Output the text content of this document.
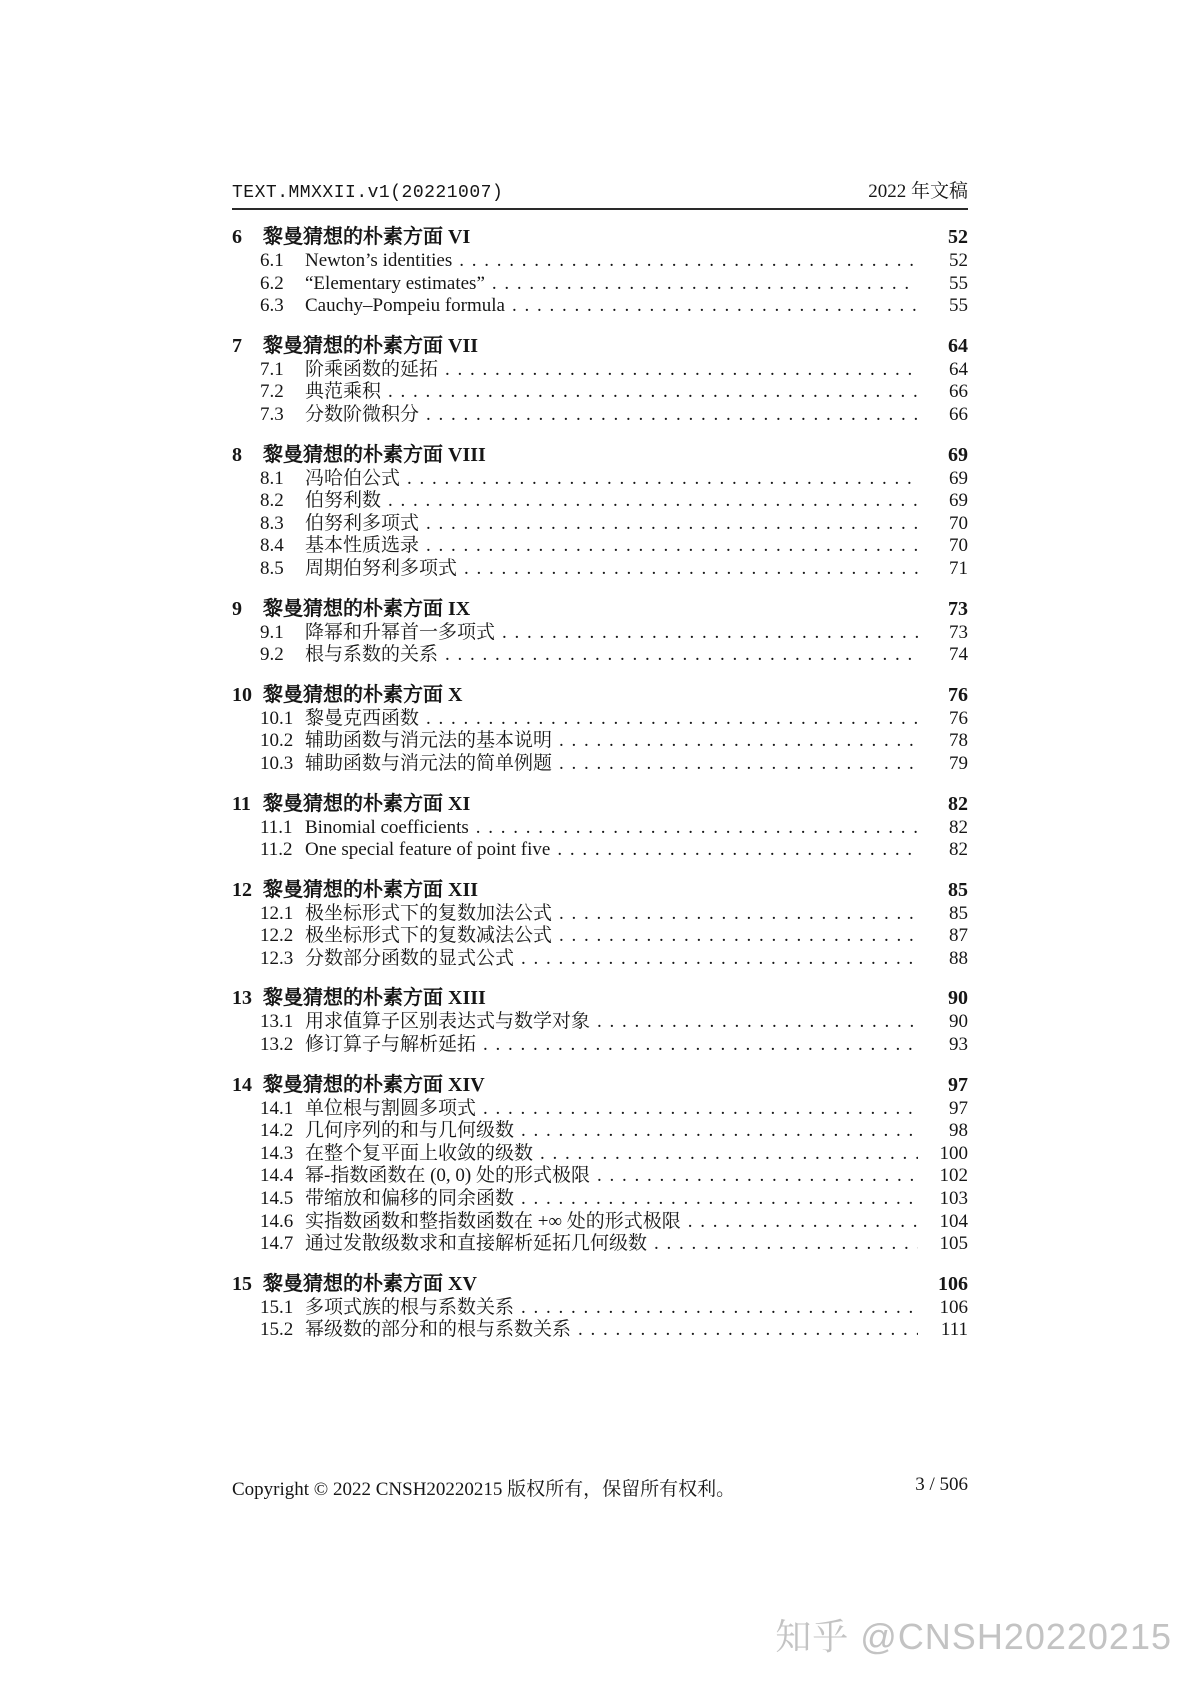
TEXT.MMXXII.v1(20221007)	2022 年文稿
6	黎曼猜想的朴素方面 VI	52
6.1	Newton’s identities . . .	52
6.2	“Elementary estimates” . . .	55
6.3	Cauchy–Pompeiu formula . . .	55
7	黎曼猜想的朴素方面 VII	64
7.1	阶乘函数的延拓 . . .	64
7.2	典范乘积 . . .	66
7.3	分数阶微积分 . . .	66
8	黎曼猜想的朴素方面 VIII	69
8.1	冯哈伯公式 . . .	69
8.2	伯努利数 . . .	69
8.3	伯努利多项式 . . .	70
8.4	基本性质选录 . . .	70
8.5	周期伯努利多项式 . . .	71
9	黎曼猜想的朴素方面 IX	73
9.1	降幂和升幂首一多项式 . . .	73
9.2	根与系数的关系 . . .	74
10 黎曼猜想的朴素方面 X	76
10.1 黎曼克西函数 . . .	76
10.2 辅助函数与消元法的基本说明 . . .	78
10.3 辅助函数与消元法的简单例题 . . .	79
11 黎曼猜想的朴素方面 XI	82
11.1 Binomial coefficients . . .	82
11.2 One special feature of point five . . .	82
12 黎曼猜想的朴素方面 XII	85
12.1 极坐标形式下的复数加法公式 . . .	85
12.2 极坐标形式下的复数减法公式 . . .	87
12.3 分数部分函数的显式公式 . . .	88
13 黎曼猜想的朴素方面 XIII	90
13.1 用求值算子区别表达式与数学对象 . . .	90
13.2 修订算子与解析延拓 . . .	93
14 黎曼猜想的朴素方面 XIV	97
14.1 单位根与割圆多项式 . . .	97
14.2 几何序列的和与几何级数 . . .	98
14.3 在整个复平面上收敛的级数 . . .	100
14.4 幂-指数函数在 (0, 0) 处的形式极限 . . .	102
14.5 带缩放和偏移的同余函数 . . .	103
14.6 实指数函数和整指数函数在 +∞ 处的形式极限 . . .	104
14.7 通过发散级数求和直接解析延拓几何级数 . . .	105
15 黎曼猜想的朴素方面 XV	106
15.1 多项式族的根与系数关系 . . .	106
15.2 幂级数的部分和的根与系数关系 . . .	111
Copyright © 2022 CNSH20220215 版权所有，保留所有权利。	3 / 506
知乎 @CNSH20220215
